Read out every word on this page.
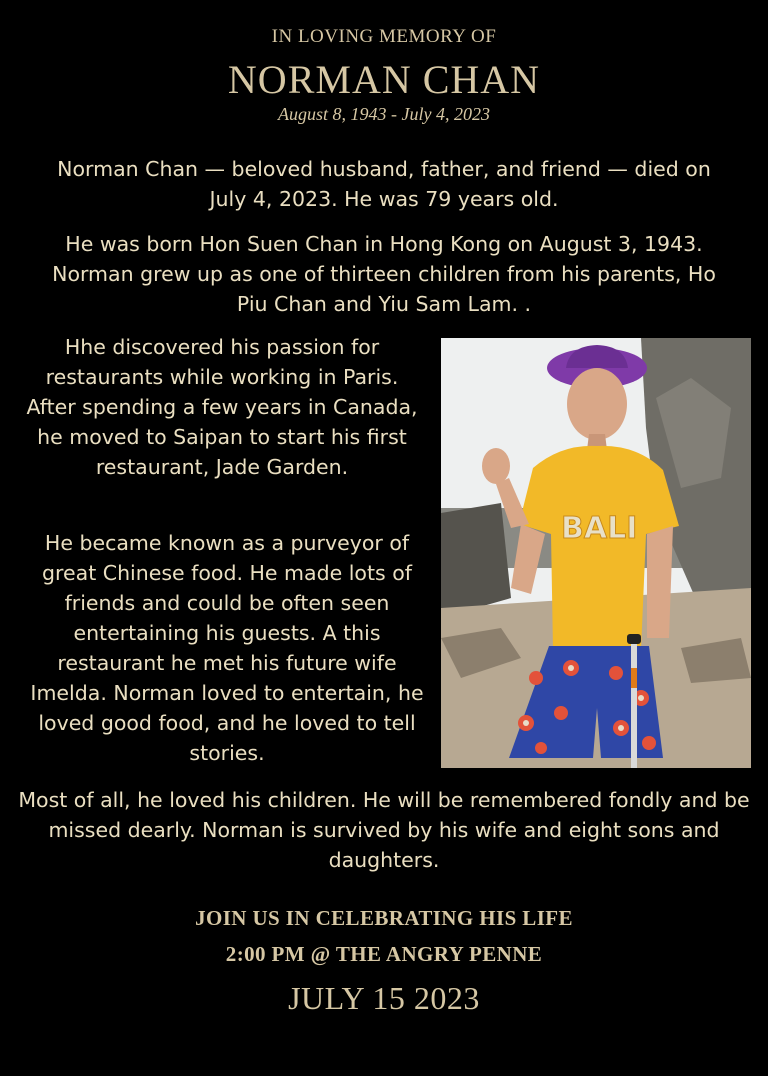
IN LOVING MEMORY OF
NORMAN CHAN
August 8, 1943 - July 4, 2023
Norman Chan — beloved husband, father, and friend — died on July 4, 2023. He was 79 years old.
He was born Hon Suen Chan in Hong Kong on August 3, 1943. Norman grew up as one of thirteen children from his parents, Ho Piu Chan and Yiu Sam Lam. .
Hhe discovered his passion for restaurants while working in Paris. After spending a few years in Canada, he moved to Saipan to start his first restaurant, Jade Garden.
He became known as a purveyor of great Chinese food. He made lots of friends and could be often seen entertaining his guests. A this restaurant he met his future wife Imelda. Norman loved to entertain, he loved good food, and he loved to tell stories.
BALI
Most of all, he loved his children. He will be remembered fondly and be missed dearly. Norman is survived by his wife and eight sons and daughters.
JOIN US IN CELEBRATING HIS LIFE
2:00 PM @ THE ANGRY PENNE
JULY 15 2023
